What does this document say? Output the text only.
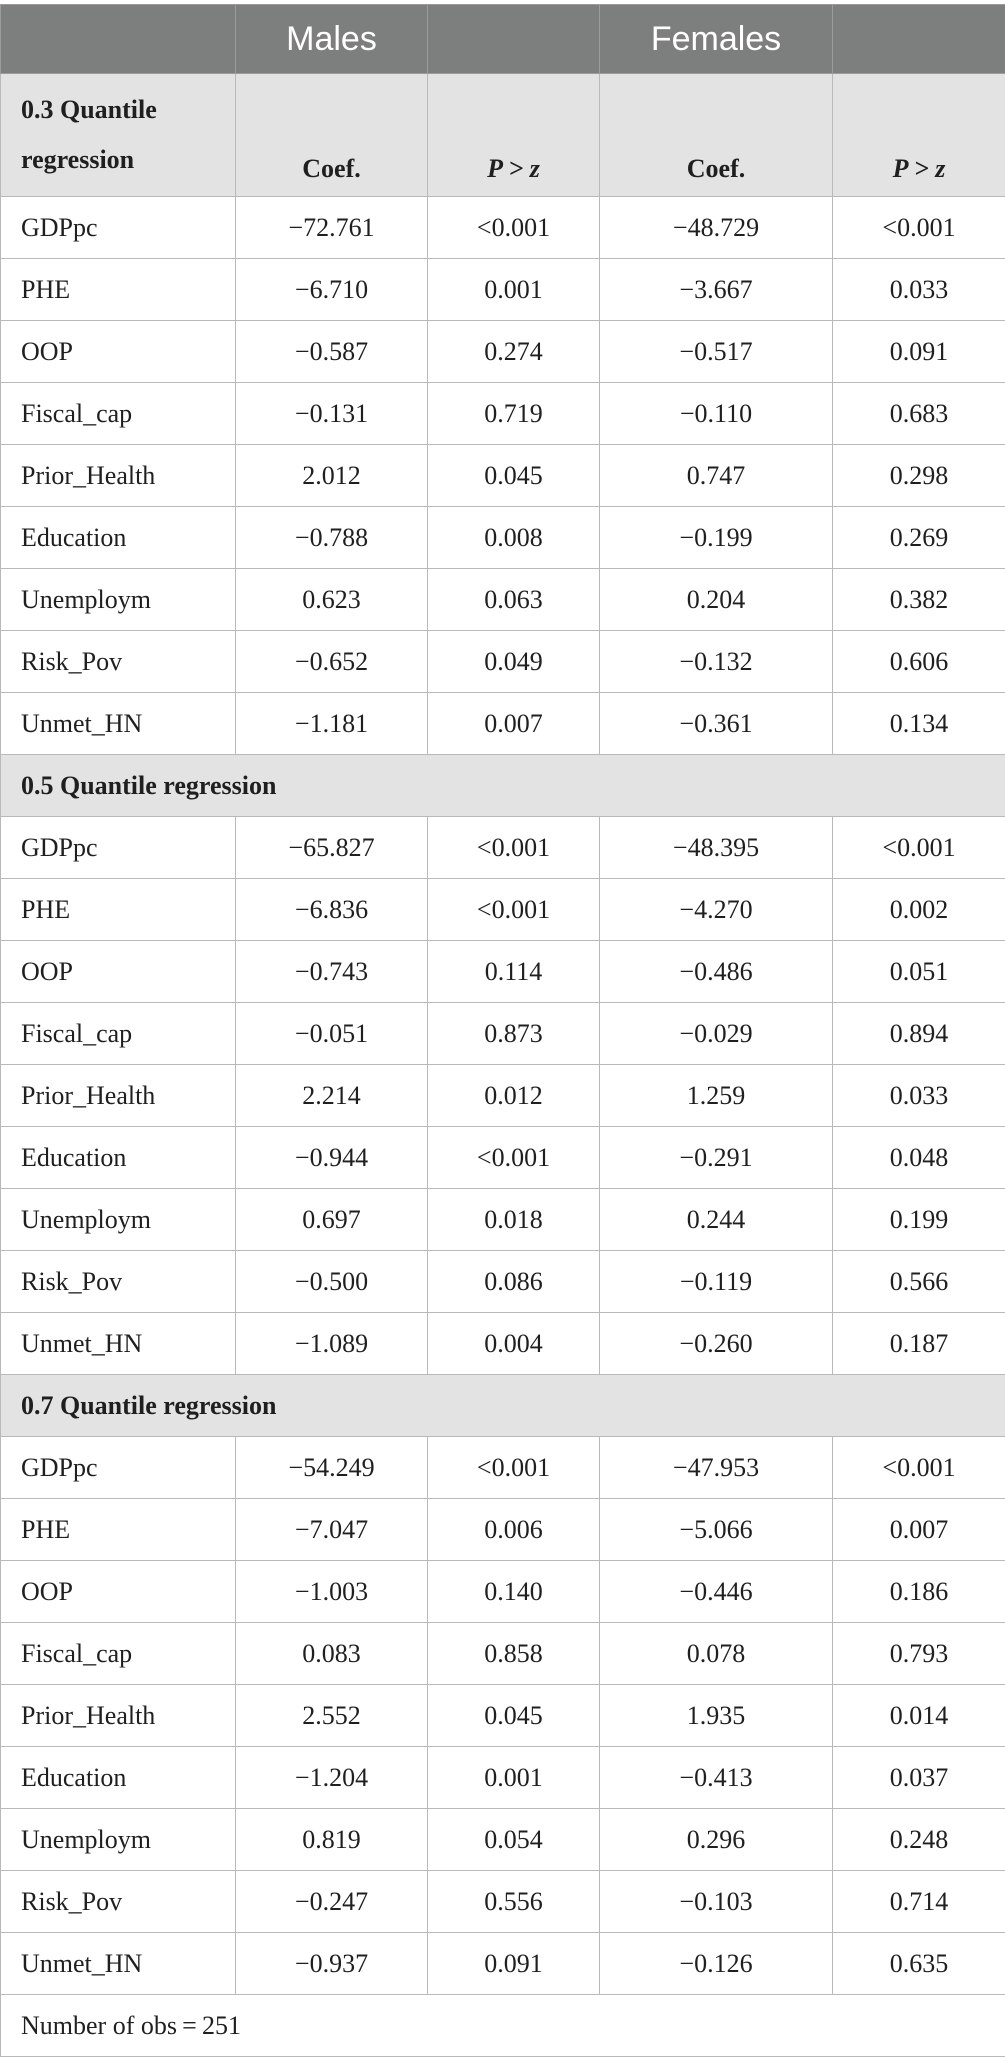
	Males		Females	
0.3 Quantile
regression	Coef.	P > z	Coef.	P > z
GDPpc	−72.761	<0.001	−48.729	<0.001
PHE	−6.710	0.001	−3.667	0.033
OOP	−0.587	0.274	−0.517	0.091
Fiscal_cap	−0.131	0.719	−0.110	0.683
Prior_Health	2.012	0.045	0.747	0.298
Education	−0.788	0.008	−0.199	0.269
Unemploym	0.623	0.063	0.204	0.382
Risk_Pov	−0.652	0.049	−0.132	0.606
Unmet_HN	−1.181	0.007	−0.361	0.134
0.5 Quantile regression				
GDPpc	−65.827	<0.001	−48.395	<0.001
PHE	−6.836	<0.001	−4.270	0.002
OOP	−0.743	0.114	−0.486	0.051
Fiscal_cap	−0.051	0.873	−0.029	0.894
Prior_Health	2.214	0.012	1.259	0.033
Education	−0.944	<0.001	−0.291	0.048
Unemploym	0.697	0.018	0.244	0.199
Risk_Pov	−0.500	0.086	−0.119	0.566
Unmet_HN	−1.089	0.004	−0.260	0.187
0.7 Quantile regression				
GDPpc	−54.249	<0.001	−47.953	<0.001
PHE	−7.047	0.006	−5.066	0.007
OOP	−1.003	0.140	−0.446	0.186
Fiscal_cap	0.083	0.858	0.078	0.793
Prior_Health	2.552	0.045	1.935	0.014
Education	−1.204	0.001	−0.413	0.037
Unemploym	0.819	0.054	0.296	0.248
Risk_Pov	−0.247	0.556	−0.103	0.714
Unmet_HN	−0.937	0.091	−0.126	0.635
Number of obs = 251				
